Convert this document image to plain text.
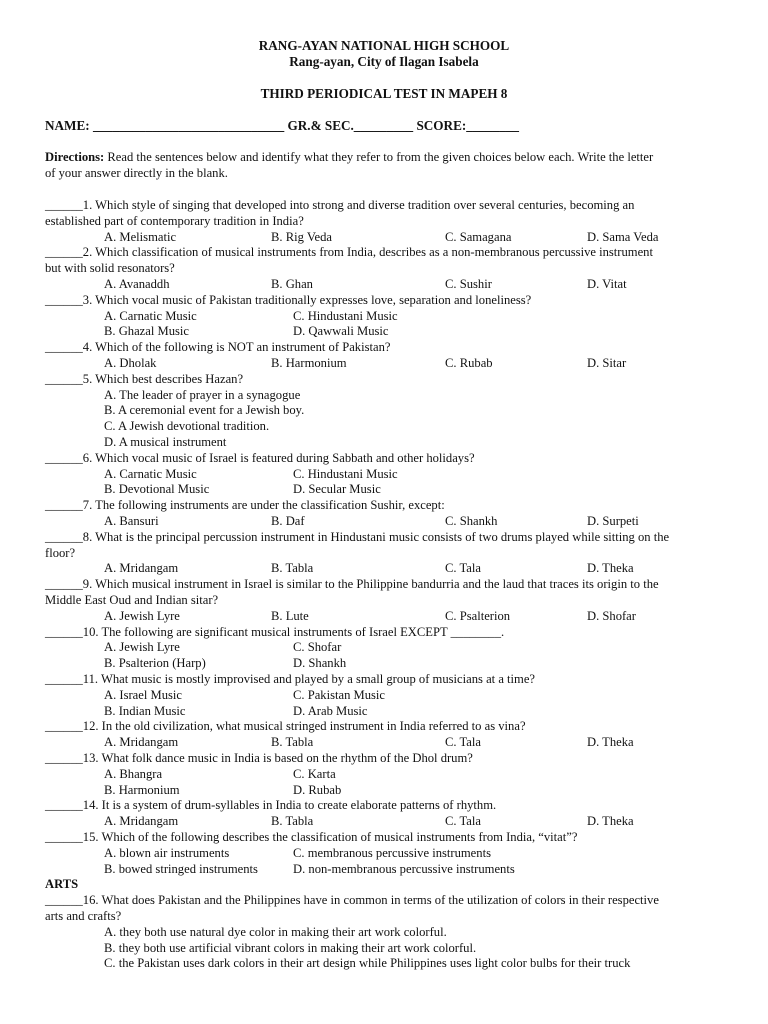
RANG-AYAN NATIONAL HIGH SCHOOL
Rang-ayan, City of Ilagan Isabela
THIRD PERIODICAL TEST IN MAPEH 8
NAME: _____________________________ GR.& SEC._________ SCORE:________
Directions: Read the sentences below and identify what they refer to from the given choices below each. Write the letter
of your answer directly in the blank.
______1. Which style of singing that developed into strong and diverse tradition over several centuries, becoming an
established part of contemporary tradition in India?
A. Melismatic	B. Rig Veda	C. Samagana	D. Sama Veda
______2. Which classification of musical instruments from India, describes as a non-membranous percussive instrument
but with solid resonators?
A. Avanaddh	B. Ghan	C. Sushir	D. Vitat
______3. Which vocal music of Pakistan traditionally expresses love, separation and loneliness?
A. Carnatic Music	C. Hindustani Music
B. Ghazal Music	D. Qawwali Music
______4. Which of the following is NOT an instrument of Pakistan?
A. Dholak	B. Harmonium	C. Rubab	D. Sitar
______5. Which best describes Hazan?
A. The leader of prayer in a synagogue
B. A ceremonial event for a Jewish boy.
C. A Jewish devotional tradition.
D. A musical instrument
______6. Which vocal music of Israel is featured during Sabbath and other holidays?
A. Carnatic Music	C. Hindustani Music
B. Devotional Music	D. Secular Music
______7. The following instruments are under the classification Sushir, except:
A. Bansuri	B. Daf	C. Shankh	D. Surpeti
______8. What is the principal percussion instrument in Hindustani music consists of two drums played while sitting on the
floor?
A. Mridangam	B. Tabla	C. Tala	D. Theka
______9. Which musical instrument in Israel is similar to the Philippine bandurria and the laud that traces its origin to the
Middle East Oud and Indian sitar?
A. Jewish Lyre	B. Lute	C. Psalterion	D. Shofar
______10. The following are significant musical instruments of Israel EXCEPT ________.
A. Jewish Lyre	C. Shofar
B. Psalterion (Harp)	D. Shankh
______11. What music is mostly improvised and played by a small group of musicians at a time?
A. Israel Music	C. Pakistan Music
B. Indian Music	D. Arab Music
______12. In the old civilization, what musical stringed instrument in India referred to as vina?
A. Mridangam	B. Tabla	C. Tala	D. Theka
______13. What folk dance music in India is based on the rhythm of the Dhol drum?
A. Bhangra	C. Karta
B. Harmonium	D. Rubab
______14. It is a system of drum-syllables in India to create elaborate patterns of rhythm.
A. Mridangam	B. Tabla	C. Tala	D. Theka
______15. Which of the following describes the classification of musical instruments from India, “vitat”?
A. blown air instruments	C. membranous percussive instruments
B. bowed stringed instruments	D. non-membranous percussive instruments
ARTS
______16. What does Pakistan and the Philippines have in common in terms of the utilization of colors in their respective
arts and crafts?
A. they both use natural dye color in making their art work colorful.
B. they both use artificial vibrant colors in making their art work colorful.
C. the Pakistan uses dark colors in their art design while Philippines uses light color bulbs for their truck
